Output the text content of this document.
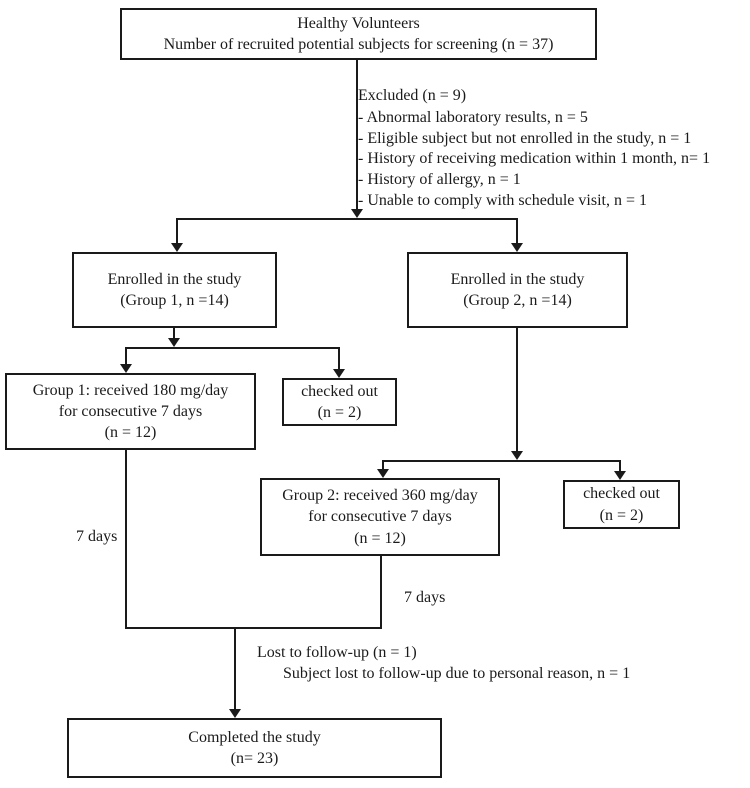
Healthy Volunteers
Number of recruited potential subjects for screening (n = 37)
Excluded (n = 9)
- Abnormal laboratory results, n = 5
- Eligible subject but not enrolled in the study, n = 1
- History of receiving medication within 1 month, n= 1
- History of allergy, n = 1
- Unable to comply with schedule visit, n = 1
Enrolled in the study
(Group 1, n =14)
Enrolled in the study
(Group 2, n =14)
Group 1: received 180 mg/day
for consecutive 7 days
(n = 12)
checked out
(n = 2)
Group 2: received 360 mg/day
for consecutive 7 days
(n = 12)
checked out
(n = 2)
7 days
7 days
Lost to follow-up (n = 1)
Subject lost to follow-up due to personal reason, n = 1
Completed the study
(n= 23)
